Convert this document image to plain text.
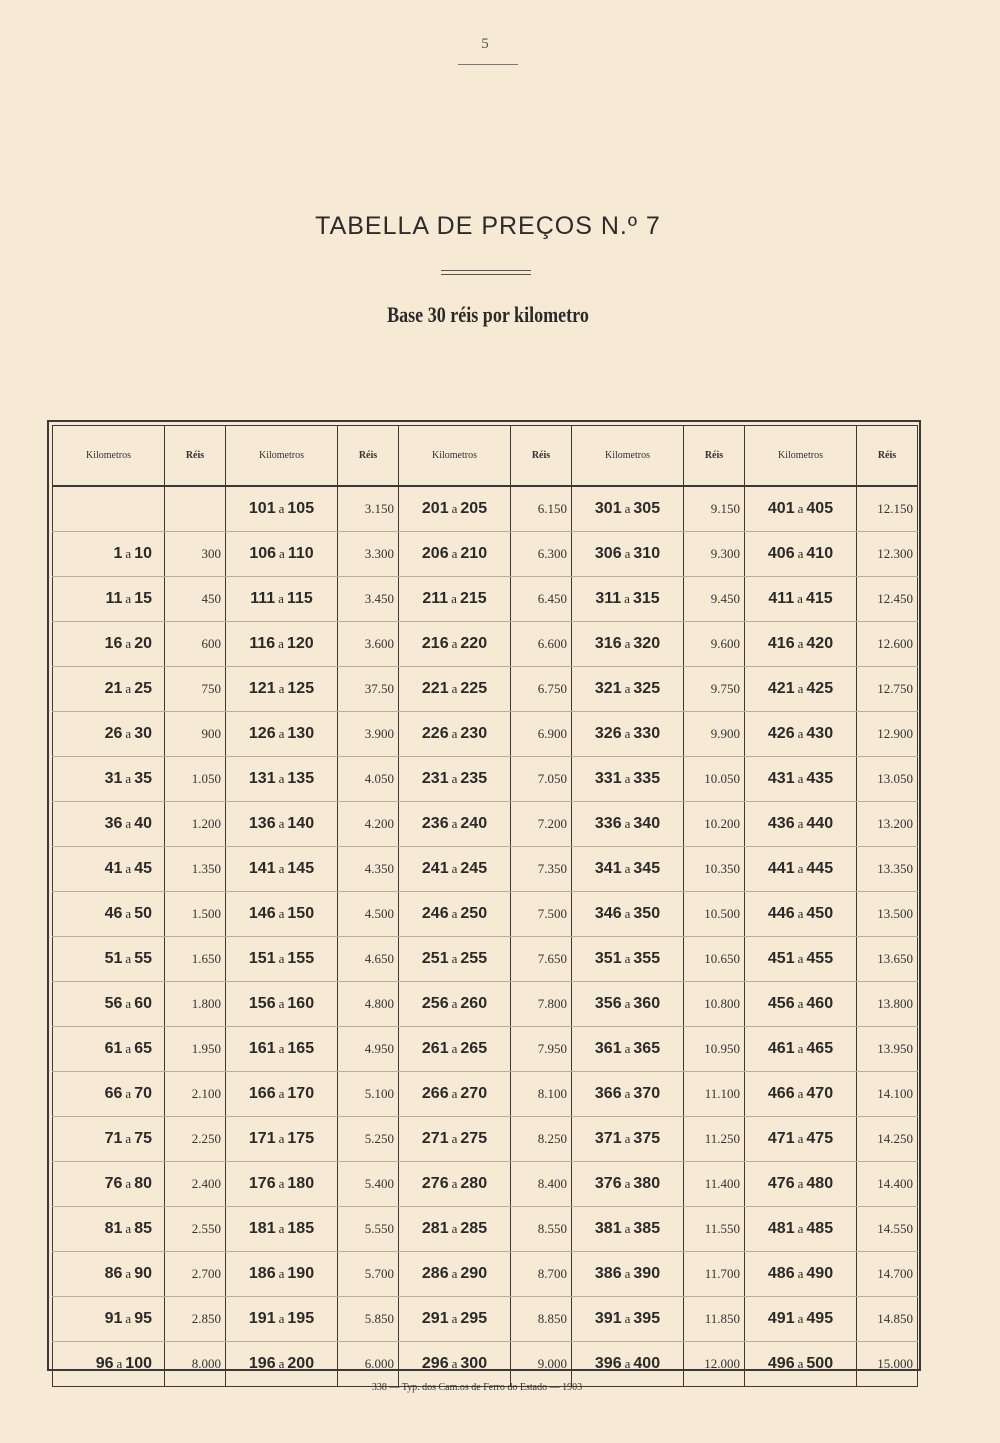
5
TABELLA DE PREÇOS N.º 7
Base 30 réis por kilometro
Kilometros	Réis	Kilometros	Réis	Kilometros	Réis	Kilometros	Réis	Kilometros	Réis
		101 a 105	3.150	201 a 205	6.150	301 a 305	9.150	401 a 405	12.150
1 a 10	300	106 a 110	3.300	206 a 210	6.300	306 a 310	9.300	406 a 410	12.300
11 a 15	450	111 a 115	3.450	211 a 215	6.450	311 a 315	9.450	411 a 415	12.450
16 a 20	600	116 a 120	3.600	216 a 220	6.600	316 a 320	9.600	416 a 420	12.600
21 a 25	750	121 a 125	37.50	221 a 225	6.750	321 a 325	9.750	421 a 425	12.750
26 a 30	900	126 a 130	3.900	226 a 230	6.900	326 a 330	9.900	426 a 430	12.900
31 a 35	1.050	131 a 135	4.050	231 a 235	7.050	331 a 335	10.050	431 a 435	13.050
36 a 40	1.200	136 a 140	4.200	236 a 240	7.200	336 a 340	10.200	436 a 440	13.200
41 a 45	1.350	141 a 145	4.350	241 a 245	7.350	341 a 345	10.350	441 a 445	13.350
46 a 50	1.500	146 a 150	4.500	246 a 250	7.500	346 a 350	10.500	446 a 450	13.500
51 a 55	1.650	151 a 155	4.650	251 a 255	7.650	351 a 355	10.650	451 a 455	13.650
56 a 60	1.800	156 a 160	4.800	256 a 260	7.800	356 a 360	10.800	456 a 460	13.800
61 a 65	1.950	161 a 165	4.950	261 a 265	7.950	361 a 365	10.950	461 a 465	13.950
66 a 70	2.100	166 a 170	5.100	266 a 270	8.100	366 a 370	11.100	466 a 470	14.100
71 a 75	2.250	171 a 175	5.250	271 a 275	8.250	371 a 375	11.250	471 a 475	14.250
76 a 80	2.400	176 a 180	5.400	276 a 280	8.400	376 a 380	11.400	476 a 480	14.400
81 a 85	2.550	181 a 185	5.550	281 a 285	8.550	381 a 385	11.550	481 a 485	14.550
86 a 90	2.700	186 a 190	5.700	286 a 290	8.700	386 a 390	11.700	486 a 490	14.700
91 a 95	2.850	191 a 195	5.850	291 a 295	8.850	391 a 395	11.850	491 a 495	14.850
96 a 100	8.000	196 a 200	6.000	296 a 300	9.000	396 a 400	12.000	496 a 500	15.000
338 — Typ. dos Cam.os de Ferro do Estado — 1903
